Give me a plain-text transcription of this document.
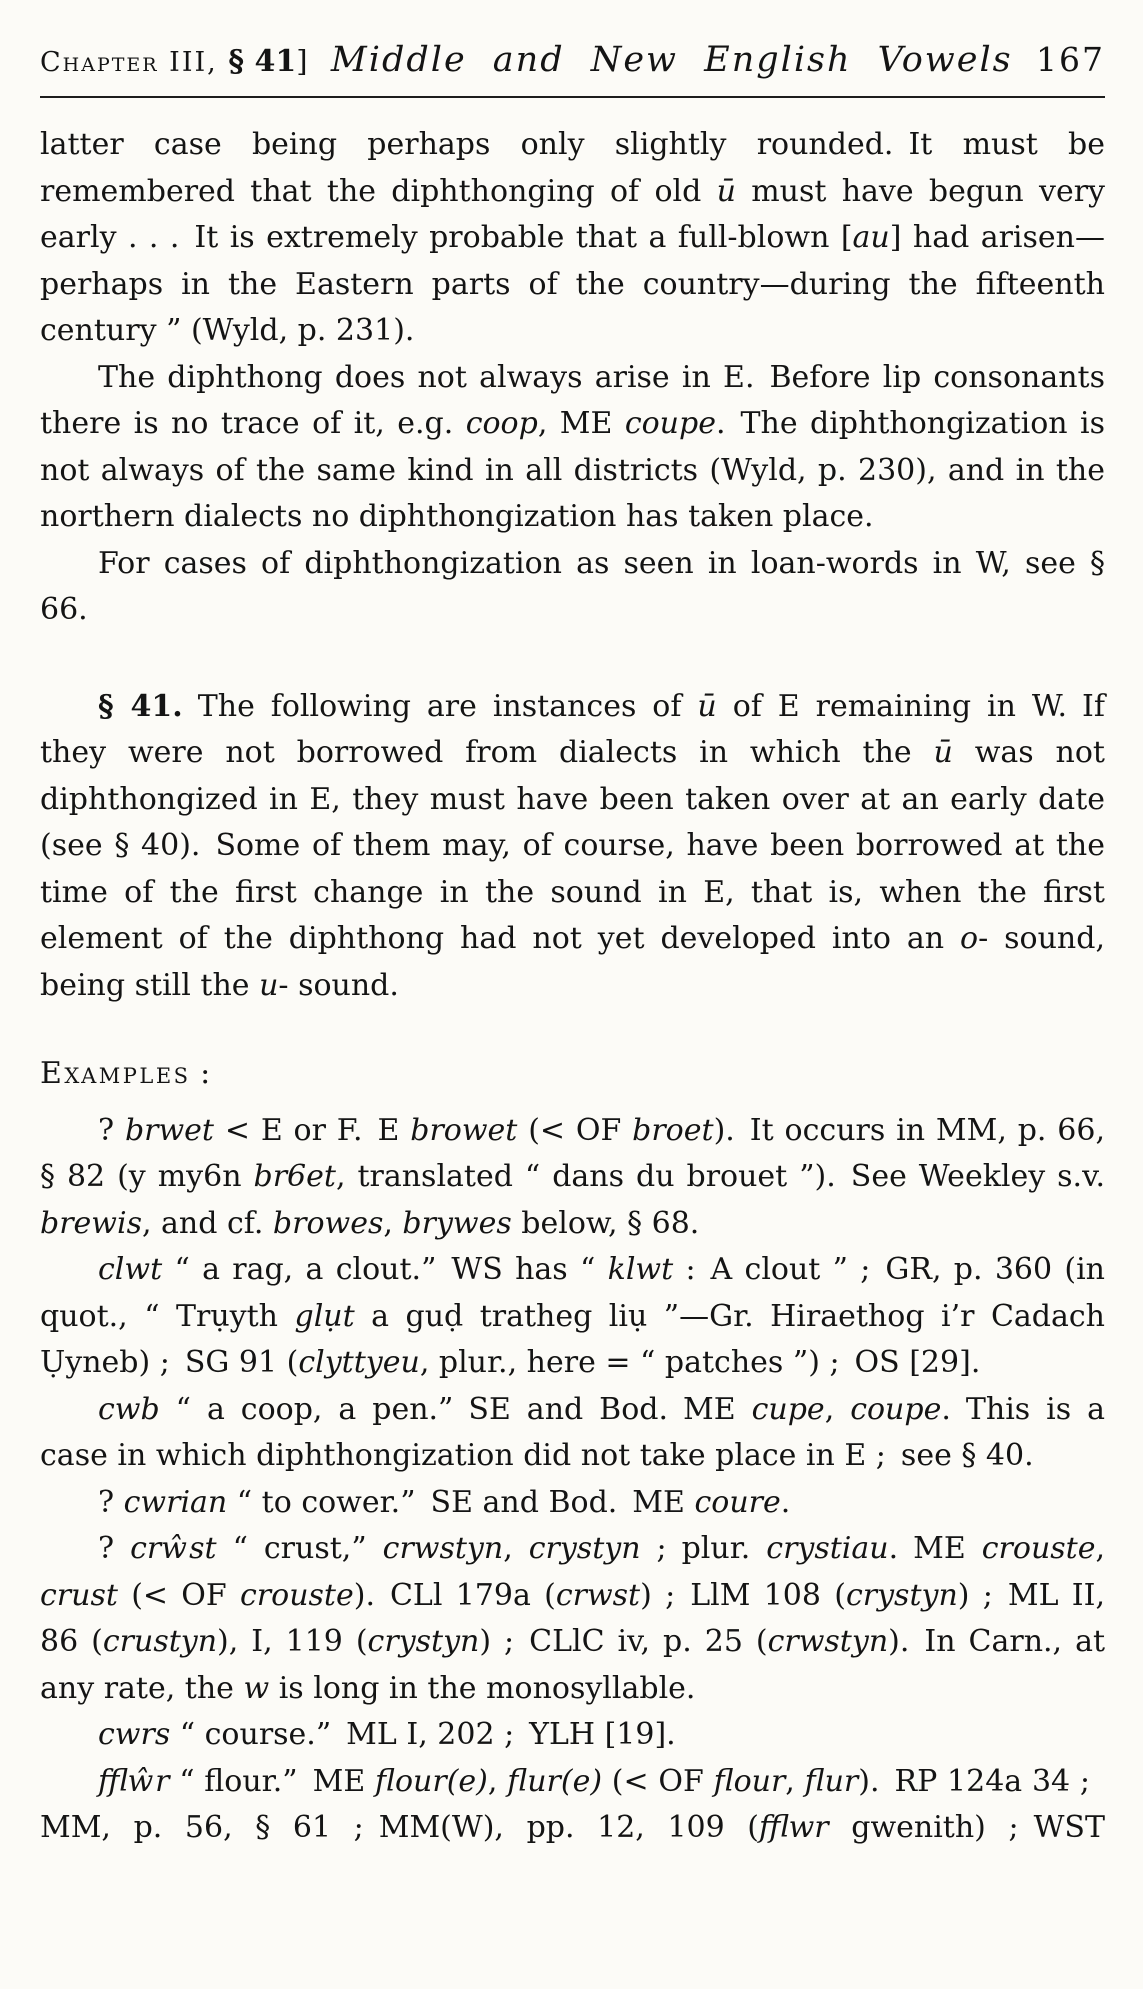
Chapter III, § 41] Middle and New English Vowels 167

latter case being perhaps only slightly rounded. It must be remembered that the diphthonging of old ū must have begun very early . . . It is extremely probable that a full-blown [au] had arisen—perhaps in the Eastern parts of the country—during the fifteenth century ” (Wyld, p. 231).

The diphthong does not always arise in E. Before lip consonants there is no trace of it, e.g. coop, ME coupe. The diphthongization is not always of the same kind in all districts (Wyld, p. 230), and in the northern dialects no diphthongization has taken place.

For cases of diphthongization as seen in loan-words in W, see § 66.

§ 41. The following are instances of ū of E remaining in W. If they were not borrowed from dialects in which the ū was not diphthongized in E, they must have been taken over at an early date (see § 40). Some of them may, of course, have been borrowed at the time of the first change in the sound in E, that is, when the first element of the diphthong had not yet developed into an o- sound, being still the u- sound.

Examples :

? brwet < E or F. E browet (< OF broet). It occurs in MM, p. 66, § 82 (y my6n br6et, translated “ dans du brouet ”). See Weekley s.v. brewis, and cf. browes, brywes below, § 68.

clwt “ a rag, a clout.” WS has “ klwt : A clout ” ; GR, p. 360 (in quot., “ Trụyth glụt a guḍ tratheg liụ ”—Gr. Hiraethog i’r Cadach Ụyneb) ; SG 91 (clyttyeu, plur., here = “ patches ”) ; OS [29].

cwb “ a coop, a pen.” SE and Bod. ME cupe, coupe. This is a case in which diphthongization did not take place in E ; see § 40.

? cwrian “ to cower.” SE and Bod. ME coure.

? crŵst “ crust,” crwstyn, crystyn ; plur. crystiau. ME crouste, crust (< OF crouste). CLl 179a (crwst) ; LlM 108 (crystyn) ; ML II, 86 (crustyn), I, 119 (crystyn) ; CLlC iv, p. 25 (crwstyn). In Carn., at any rate, the w is long in the monosyllable.

cwrs “ course.” ML I, 202 ; YLH [19].

fflŵr “ flour.” ME flour(e), flur(e) (< OF flour, flur). RP 124a 34 ; MM, p. 56, § 61 ; MM(W), pp. 12, 109 (fflwr gwenith) ; WST
